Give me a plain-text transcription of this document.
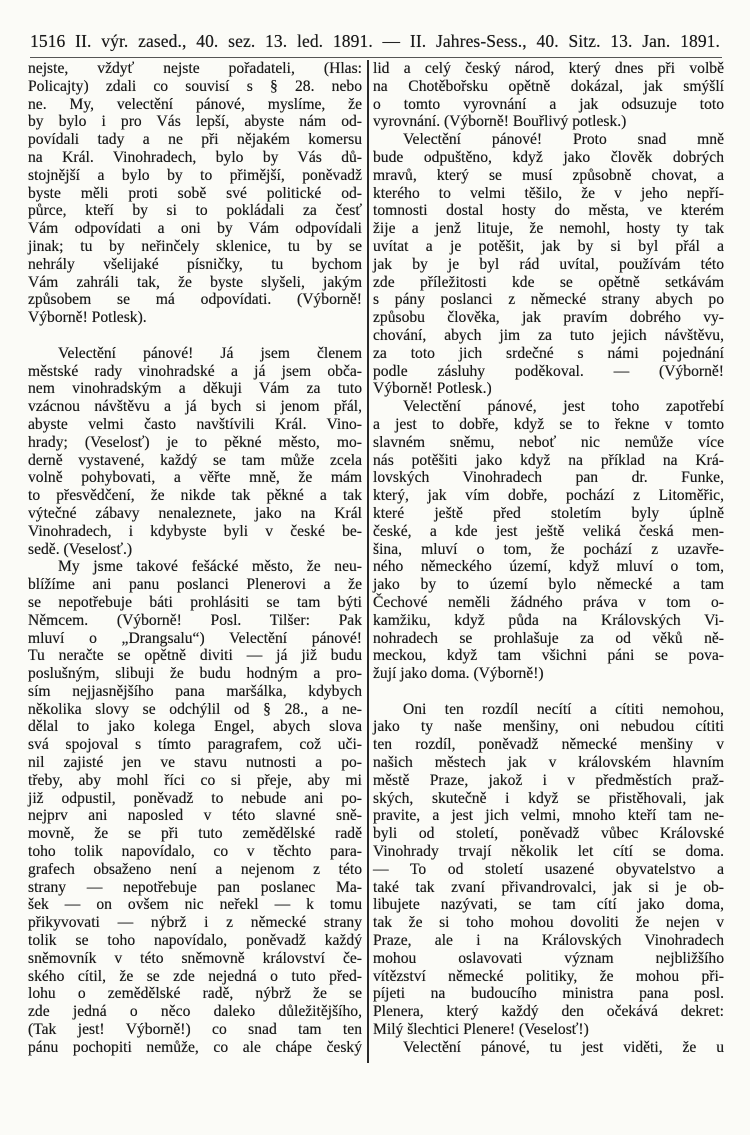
1516 II. výr. zased., 40. sez. 13. led. 1891. — II. Jahres-Sess., 40. Sitz. 13. Jan. 1891.
nejste, vždyť nejste pořadateli, (Hlas:
Policajty) zdali co souvisí s § 28. nebo
ne. My, velectění pánové, myslíme, že
by bylo i pro Vás lepší, abyste nám od-
povídali tady a ne při nějakém komersu
na Král. Vinohradech, bylo by Vás dů-
stojnější a bylo by to přimější, poněvadž
byste měli proti sobě své politické od-
půrce, kteří by si to pokládali za česť
Vám odpovídati a oni by Vám odpovídali
jinak; tu by neřinčely sklenice, tu by se
nehrály všelijaké písničky, tu bychom
Vám zahráli tak, že byste slyšeli, jakým
způsobem se má odpovídati. (Výborně!
Výborně! Potlesk).
Velectění pánové! Já jsem členem
městské rady vinohradské a já jsem obča-
nem vinohradským a děkuji Vám za tuto
vzácnou návštěvu a já bych si jenom přál,
abyste velmi často navštívili Král. Vino-
hrady; (Veselosť) je to pěkné město, mo-
derně vystavené, každý se tam může zcela
volně pohybovati, a věřte mně, že mám
to přesvědčení, že nikde tak pěkné a tak
výtečné zábavy nenaleznete, jako na Král
Vinohradech, i kdybyste byli v české be-
sedě. (Veselosť.)
My jsme takové fešácké město, že neu-
blížíme ani panu poslanci Plenerovi a že
se nepotřebuje báti prohlásiti se tam býti
Němcem. (Výborně! Posl. Tilšer: Pak
mluví o „Drangsalu“) Velectění pánové!
Tu neračte se opětně diviti — já již budu
poslušným, slibuji že budu hodným a pro-
sím nejjasnějšího pana maršálka, kdybych
několika slovy se odchýlil od § 28., a ne-
dělal to jako kolega Engel, abych slova
svá spojoval s tímto paragrafem, což uči-
nil zajisté jen ve stavu nutnosti a po-
třeby, aby mohl říci co si přeje, aby mi
již odpustil, poněvadž to nebude ani po-
nejprv ani naposled v této slavné sně-
movně, že se při tuto zemědělské radě
toho tolik napovídalo, co v těchto para-
grafech obsaženo není a nejenom z této
strany — nepotřebuje pan poslanec Ma-
šek — on ovšem nic neřekl — k tomu
přikyvovati — nýbrž i z německé strany
tolik se toho napovídalo, poněvadž každý
sněmovník v této sněmovně království če-
ského cítil, že se zde nejedná o tuto před-
lohu o zemědělské radě, nýbrž že se
zde jedná o něco daleko důležitějšího,
(Tak jest! Výborně!) co snad tam ten
pánu pochopiti nemůže, co ale chápe český
lid a celý český národ, který dnes při volbě
na Chotěbořsku opětně dokázal, jak smýšlí
o tomto vyrovnání a jak odsuzuje toto
vyrovnání. (Výborně! Bouřlivý potlesk.)
Velectění pánové! Proto snad mně
bude odpuštěno, když jako člověk dobrých
mravů, který se musí způsobně chovat, a
kterého to velmi těšilo, že v jeho nepří-
tomnosti dostal hosty do města, ve kterém
žije a jenž lituje, že nemohl, hosty ty tak
uvítat a je potěšit, jak by si byl přál a
jak by je byl rád uvítal, používám této
zde příležitosti kde se opětně setkávám
s pány poslanci z německé strany abych po
způsobu člověka, jak pravím dobrého vy-
chování, abych jim za tuto jejich návštěvu,
za toto jich srdečné s námi pojednání
podle zásluhy poděkoval. — (Výborně!
Výborně! Potlesk.)
Velectění pánové, jest toho zapotřebí
a jest to dobře, když se to řekne v tomto
slavném sněmu, neboť nic nemůže více
nás potěšiti jako když na příklad na Krá-
lovských Vinohradech pan dr. Funke,
který, jak vím dobře, pochází z Litoměřic,
které ještě před stoletím byly úplně
české, a kde jest ještě veliká česká men-
šina, mluví o tom, že pochází z uzavře-
ného německého území, když mluví o tom,
jako by to území bylo německé a tam
Čechové neměli žádného práva v tom o-
kamžiku, když půda na Královských Vi-
nohradech se prohlašuje za od věků ně-
meckou, když tam všichni páni se pova-
žují jako doma. (Výborně!)
Oni ten rozdíl necítí a cítiti nemohou,
jako ty naše menšiny, oni nebudou cítiti
ten rozdíl, poněvadž německé menšiny v
našich městech jak v královském hlavním
městě Praze, jakož i v předměstích praž-
ských, skutečně i když se přistěhovali, jak
pravite, a jest jich velmi, mnoho kteří tam ne-
byli od století, poněvadž vůbec Královské
Vinohrady trvají několik let cítí se doma.
— To od století usazené obyvatelstvo a
také tak zvaní přivandrovalci, jak si je ob-
libujete nazývati, se tam cítí jako doma,
tak že si toho mohou dovoliti že nejen v
Praze, ale i na Královských Vinohradech
mohou oslavovati význam nejbližšího
vítězství německé politiky, že mohou při-
píjeti na budoucího ministra pana posl.
Plenera, který každý den očekává dekret:
Milý šlechtici Plenere! (Veselosť!)
Velectění pánové, tu jest viděti, že u
